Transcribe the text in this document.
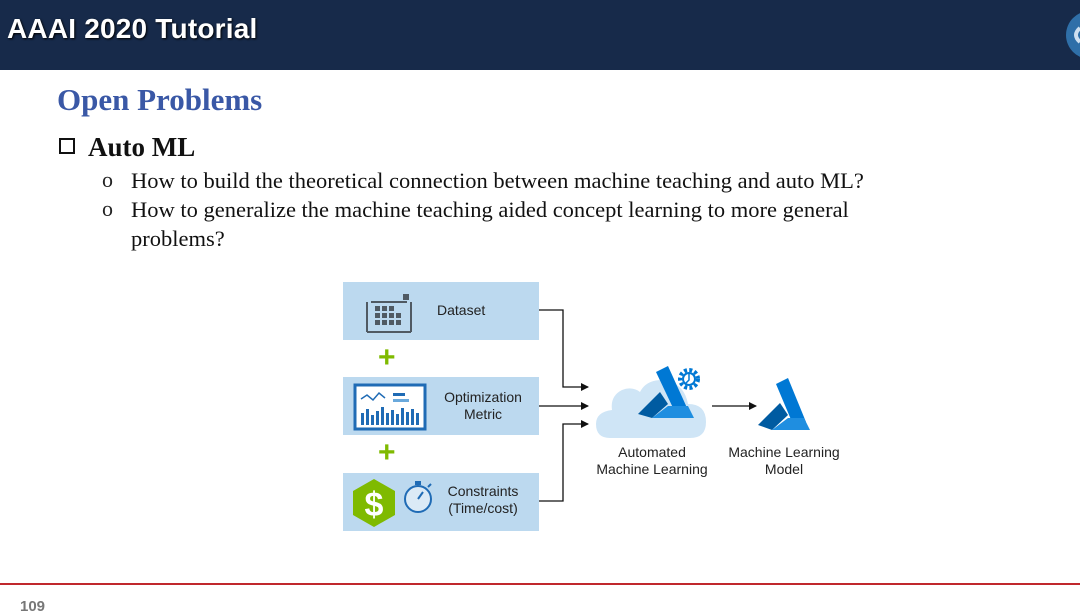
AAAI 2020 Tutorial
Open Problems
Auto ML
o How to build the theoretical connection between machine teaching and auto ML?
o How to generalize the machine teaching aided concept learning to more general
problems?
Dataset
+
Optimization
Metric
+
$	Constraints
(Time/cost)
Automated
Machine Learning
Machine Learning
Model
109
